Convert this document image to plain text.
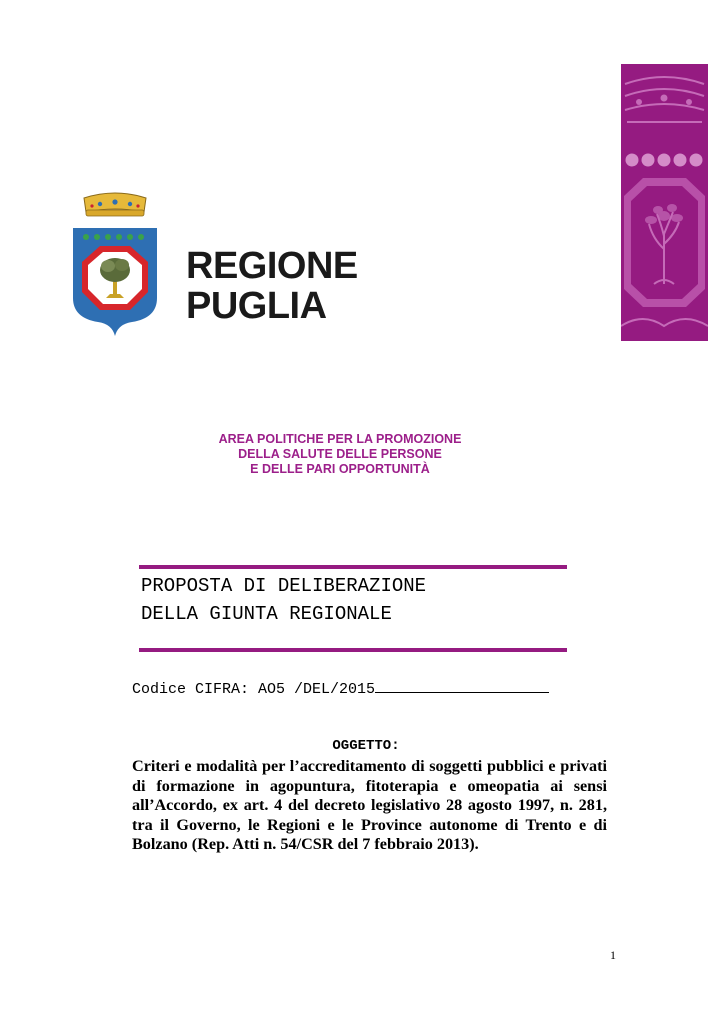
REGIONE
PUGLIA
AREA POLITICHE PER LA PROMOZIONE
DELLA SALUTE DELLE PERSONE
E DELLE PARI OPPORTUNITÀ
PROPOSTA DI DELIBERAZIONE
DELLA GIUNTA REGIONALE
Codice CIFRA: AO5 /DEL/2015
OGGETTO:
Criteri e modalità per l’accreditamento di soggetti pubblici e privati di formazione in agopuntura, fitoterapia e omeopatia ai sensi all’Accordo, ex art. 4 del decreto legislativo 28 agosto 1997, n. 281, tra il Governo, le Regioni e le Province autonome di Trento e di Bolzano (Rep. Atti n. 54/CSR del 7 febbraio 2013).
1
